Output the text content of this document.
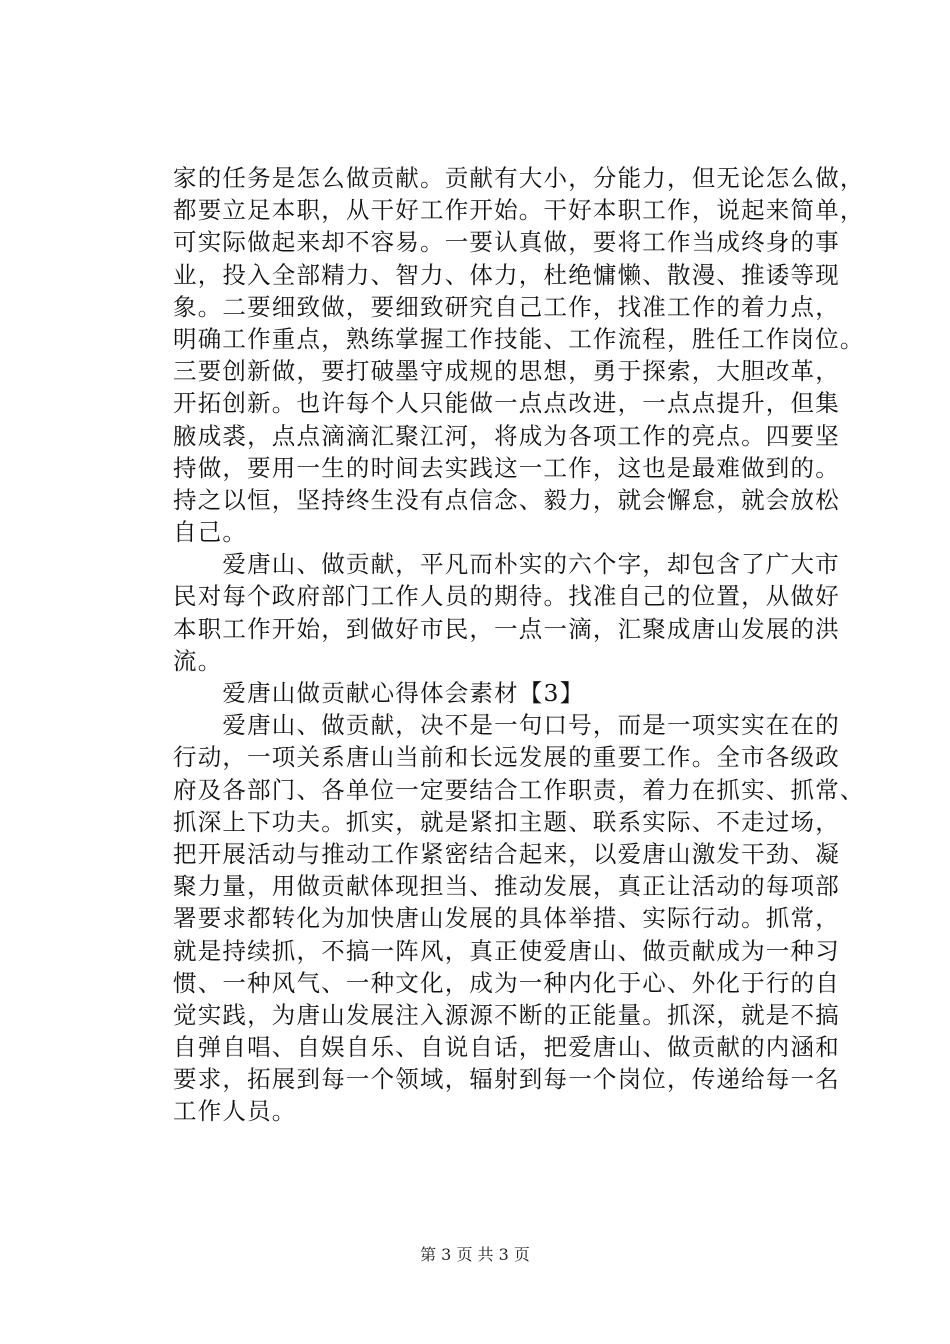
家的任务是怎么做贡献。贡献有大小，分能力，但无论怎么做，
都要立足本职，从干好工作开始。干好本职工作，说起来简单，
可实际做起来却不容易。一要认真做，要将工作当成终身的事
业，投入全部精力、智力、体力，杜绝慵懒、散漫、推诿等现
象。二要细致做，要细致研究自己工作，找准工作的着力点，
明确工作重点，熟练掌握工作技能、工作流程，胜任工作岗位。
三要创新做，要打破墨守成规的思想，勇于探索，大胆改革，
开拓创新。也许每个人只能做一点点改进，一点点提升，但集
腋成裘，点点滴滴汇聚江河，将成为各项工作的亮点。四要坚
持做，要用一生的时间去实践这一工作，这也是最难做到的。
持之以恒，坚持终生没有点信念、毅力，就会懈怠，就会放松
自己。
　　爱唐山、做贡献，平凡而朴实的六个字，却包含了广大市
民对每个政府部门工作人员的期待。找准自己的位置，从做好
本职工作开始，到做好市民，一点一滴，汇聚成唐山发展的洪
流。
　　爱唐山做贡献心得体会素材【3】
　　爱唐山、做贡献，决不是一句口号，而是一项实实在在的
行动，一项关系唐山当前和长远发展的重要工作。全市各级政
府及各部门、各单位一定要结合工作职责，着力在抓实、抓常、
抓深上下功夫。抓实，就是紧扣主题、联系实际、不走过场，
把开展活动与推动工作紧密结合起来，以爱唐山激发干劲、凝
聚力量，用做贡献体现担当、推动发展，真正让活动的每项部
署要求都转化为加快唐山发展的具体举措、实际行动。抓常，
就是持续抓，不搞一阵风，真正使爱唐山、做贡献成为一种习
惯、一种风气、一种文化，成为一种内化于心、外化于行的自
觉实践，为唐山发展注入源源不断的正能量。抓深，就是不搞
自弹自唱、自娱自乐、自说自话，把爱唐山、做贡献的内涵和
要求，拓展到每一个领域，辐射到每一个岗位，传递给每一名
工作人员。
第 3 页 共 3 页
